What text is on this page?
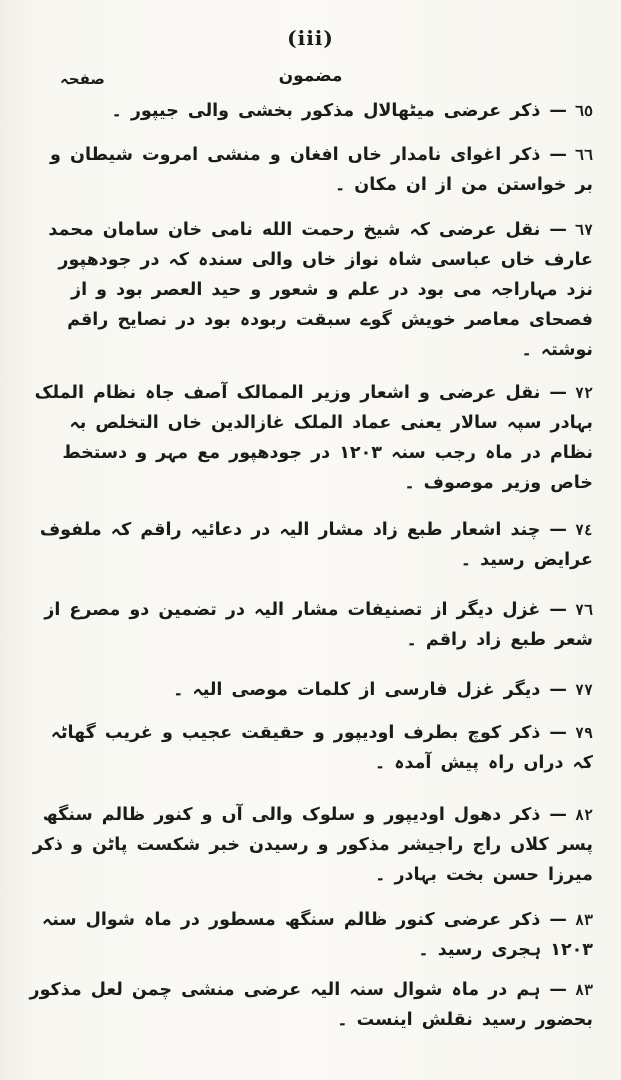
(iii)
صفحہ	مضمون
٦٥— ذکر عرضی میٹھالال مذکور بخشی والی جیپور ۔
٦٦— ذکر اغوای نامدار خاں افغان و منشی امروت شیطان و بر خواستن من از ان مکان ۔
٦٧— نقل عرضی کہ شیخ رحمت الله نامی خان سامان محمد عارف خاں عباسی شاہ نواز خاں والی سندہ کہ در جودھپور نزد مہاراجہ می بود در علم و شعور و حید العصر بود و از فصحای معاصر خویش گوے سبقت ربودہ بود در نصایح راقم نوشتہ ۔
٧٢— نقل عرضی و اشعار وزیر الممالک آصف جاہ نظام الملک بہادر سپہ سالار یعنی عماد الملک غازالدین خاں التخلص بہ نظام در ماہ رجب سنہ ١٢٠٣ در جودھپور مع مہر و دستخط خاص وزیر موصوف ۔
٧٤— چند اشعار طبع زاد مشار الیہ در دعائیہ راقم کہ ملفوف عرایض رسید ۔
٧٦— غزل دیگر از تصنیفات مشار الیہ در تضمین دو مصرع از شعر طبع زاد راقم ۔
٧٧— دیگر غزل فارسی از کلمات موصی الیہ ۔
٧٩— ذکر کوچ بطرف اودیپور و حقیقت عجیب و غریب گھاٹہ کہ دراں راہ پیش آمدہ ۔
٨٢— ذکر دھول اودیپور و سلوک والی آں و کنور ظالم سنگھ پسر کلاں راج راجیشر مذکور و رسیدن خبر شکست پاٹن و ذکر میرزا حسن بخت بہادر ۔
٨٣— ذکر عرضی کنور ظالم سنگھ مسطور در ماہ شوال سنہ ١٢٠٣ ہجری رسید ۔
٨٣— ہم در ماہ شوال سنہ الیہ عرضی منشی چمن لعل مذکور بحضور رسید نقلش اینست ۔
